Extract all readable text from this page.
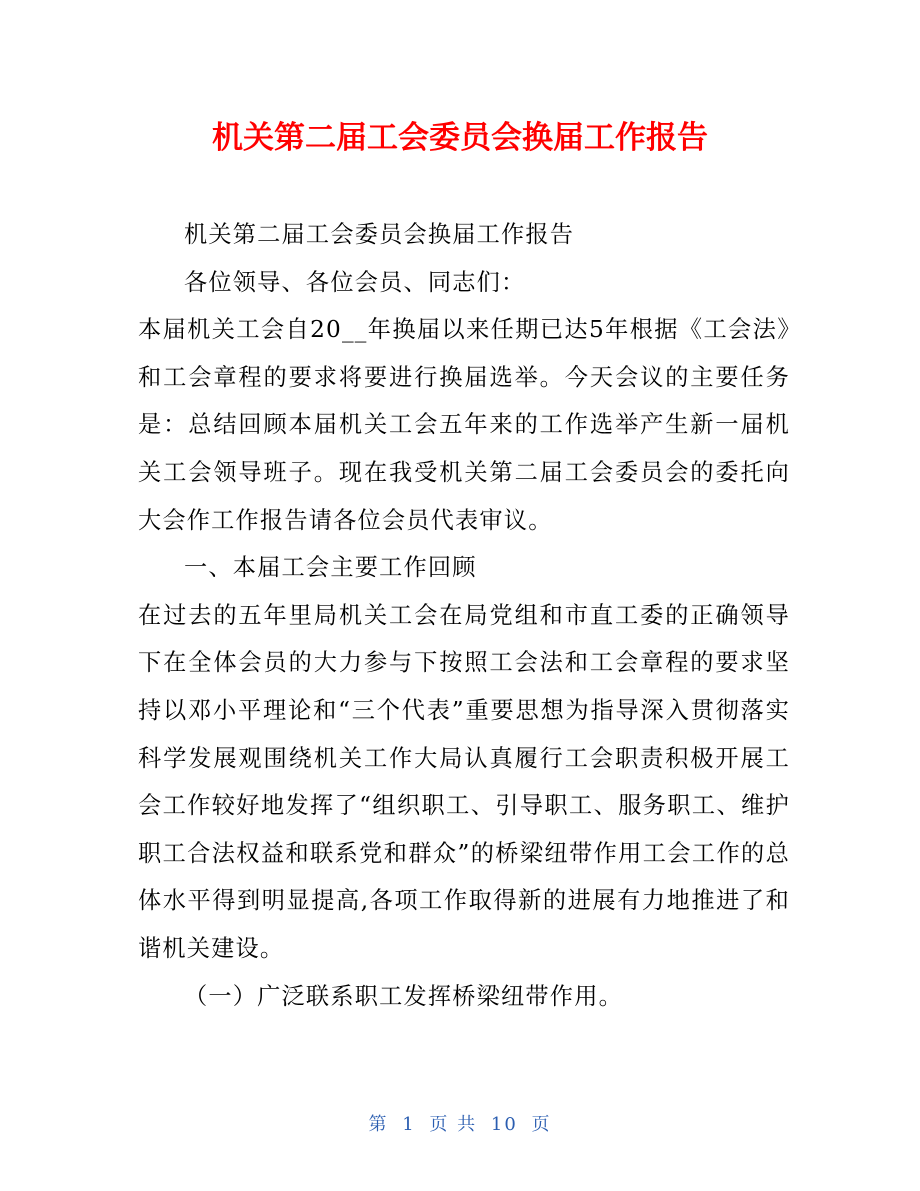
机关第二届工会委员会换届工作报告

机关第二届工会委员会换届工作报告

各位领导、各位会员、同志们：

本届机关工会自20__年换届以来任期已达5年根据《工会法》和工会章程的要求将要进行换届选举。今天会议的主要任务是：总结回顾本届机关工会五年来的工作选举产生新一届机关工会领导班子。现在我受机关第二届工会委员会的委托向大会作工作报告请各位会员代表审议。

一、本届工会主要工作回顾

在过去的五年里局机关工会在局党组和市直工委的正确领导下在全体会员的大力参与下按照工会法和工会章程的要求坚持以邓小平理论和“三个代表”重要思想为指导深入贯彻落实科学发展观围绕机关工作大局认真履行工会职责积极开展工会工作较好地发挥了“组织职工、引导职工、服务职工、维护职工合法权益和联系党和群众”的桥梁纽带作用工会工作的总体水平得到明显提高,各项工作取得新的进展有力地推进了和谐机关建设。

（一）广泛联系职工发挥桥梁纽带作用。

第 1 页 共 10 页
